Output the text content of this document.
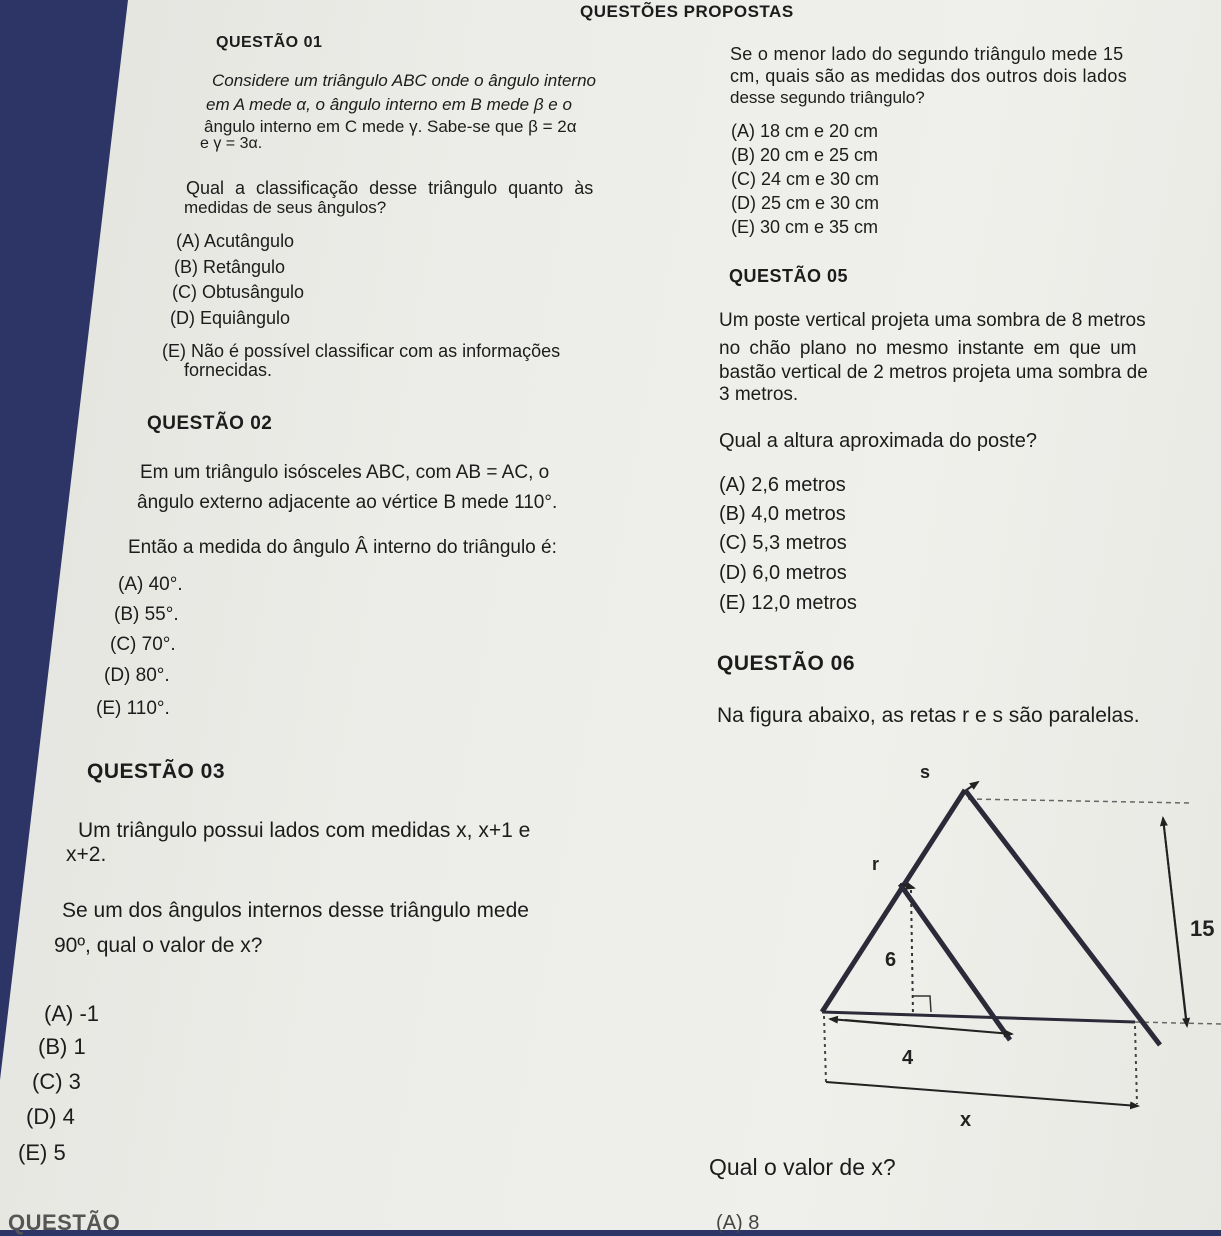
QUESTÕES PROPOSTAS
QUESTÃO 01
Considere um triângulo ABC onde o ângulo interno
em A mede α, o ângulo interno em B mede β e o
ângulo interno em C mede γ. Sabe-se que β = 2α
e γ = 3α.
Qual a classificação desse triângulo quanto às
medidas de seus ângulos?
(A) Acutângulo
(B) Retângulo
(C) Obtusângulo
(D) Equiângulo
(E) Não é possível classificar com as informações
fornecidas.
QUESTÃO 02
Em um triângulo isósceles ABC, com AB = AC, o
ângulo externo adjacente ao vértice B mede 110°.
Então a medida do ângulo Â interno do triângulo é:
(A) 40°.
(B) 55°.
(C) 70°.
(D) 80°.
(E) 110°.
QUESTÃO 03
Um triângulo possui lados com medidas x, x+1 e
x+2.
Se um dos ângulos internos desse triângulo mede
90º, qual o valor de x?
(A) -1
(B) 1
(C) 3
(D) 4
(E) 5
QUESTÃO
Se o menor lado do segundo triângulo mede 15
cm, quais são as medidas dos outros dois lados
desse segundo triângulo?
(A) 18 cm e 20 cm
(B) 20 cm e 25 cm
(C) 24 cm e 30 cm
(D) 25 cm e 30 cm
(E) 30 cm e 35 cm
QUESTÃO 05
Um poste vertical projeta uma sombra de 8 metros
no chão plano no mesmo instante em que um
bastão vertical de 2 metros projeta uma sombra de
3 metros.
Qual a altura aproximada do poste?
(A) 2,6 metros
(B) 4,0 metros
(C) 5,3 metros
(D) 6,0 metros
(E) 12,0 metros
QUESTÃO 06
Na figura abaixo, as retas r e s são paralelas.
s
r
15
6
4
x
Qual o valor de x?
(A) 8
